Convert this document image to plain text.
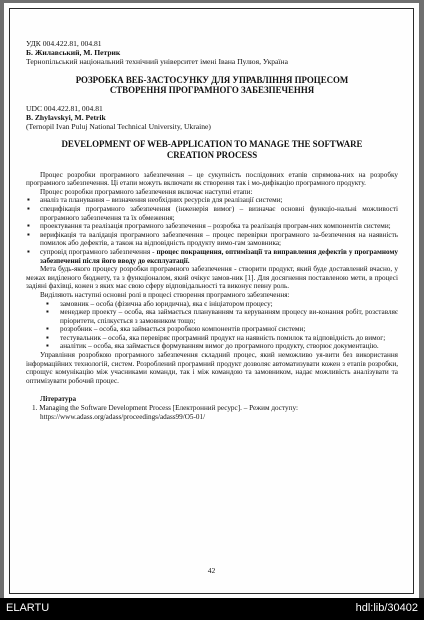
УДК 004.422.81, 004.81

Б. Жилавський, М. Петрик

Тернопільський національний технічний університет імені Івана Пулюя, Україна

РОЗРОБКА ВЕБ-ЗАСТОСУНКУ ДЛЯ УПРАВЛІННЯ ПРОЦЕСОМ

СТВОРЕННЯ ПРОГРАМНОГО ЗАБЕЗПЕЧЕННЯ

UDC 004.422.81, 004.81

B. Zhylavskyi, M. Petrik

(Ternopil Ivan Puluj National Technical University, Ukraine)

DEVELOPMENT OF WEB-APPLICATION TO MANAGE THE SOFTWARE

CREATION PROCESS

Процес розробки програмного забезпечення – це сукупність послідовних етапів спрямова-них на розробку програмного забезпечення. Ці етапи можуть включати як створення так і мо-дифікацію програмного продукту.

Процес розробки програмного забезпечення включає наступні етапи:

▪ аналіз та планування – визначення необхідних ресурсів для реалізації системи;
▪ специфікація програмного забезпечення (інженерія вимог) – визначає основні функціо-нальні можливості програмного забезпечення та їх обмеження;
▪ проектування та реалізація програмного забезпечення – розробка та реалізація програм-них компонентів системи;
▪ верифікація та валідація програмного забезпечення – процес перевірки програмного за-безпечення на наявність помилок або дефектів, а також на відповідність продукту вимо-гам замовника;
▪ супровід програмного забезпечення - процес покращення, оптимізації та виправлення дефектів у програмному забезпеченні після його вводу до експлуатації.

Мета будь-якого процесу розробки програмного забезпечення - створити продукт, який буде доставлений вчасно, у межах виділеного бюджету, та з функціоналом, який очікує замов-ник [1]. Для досягнення поставленою мети, в процесі задіяні фахівці, кожен з яких має свою сферу відповідальності та виконує певну роль.

Виділяють наступні основні ролі в процесі створення програмного забезпечення:

▪ замовник – особа (фізична або юридична), яка є ініціатором процесу;
▪ менеджер проекту – особа, яка займається плануванням та керуванням процесу ви-конання робіт, розставляє пріоритети, спілкується з замовником тощо;
▪ розробник – особа, яка займається розробкою компонентів програмної системи;
▪ тестувальник – особа, яка перевіряє програмний продукт на наявність помилок та відповідність до вимог;
▪ аналітик – особа, яка займається формуванням вимог до програмного продукту, створює документацію.

Управління розробкою програмного забезпечення складний процес, який неможливо уя-вити без використання інформаційних технологій, систем. Розроблений програмний продукт дозволяє автоматизувати кожен з етапів розробки, спрощує комунікацію між учасниками команди, так і між командою та замовником, надає можливість аналізувати та оптимізувати робочий процес.

Література

1. Managing the Software Development Process [Електронний ресурс]. – Режим доступу: https://www.adass.org/adass/proceedings/adass99/O5-01/

42
ELARTU	hdl:lib/30402
